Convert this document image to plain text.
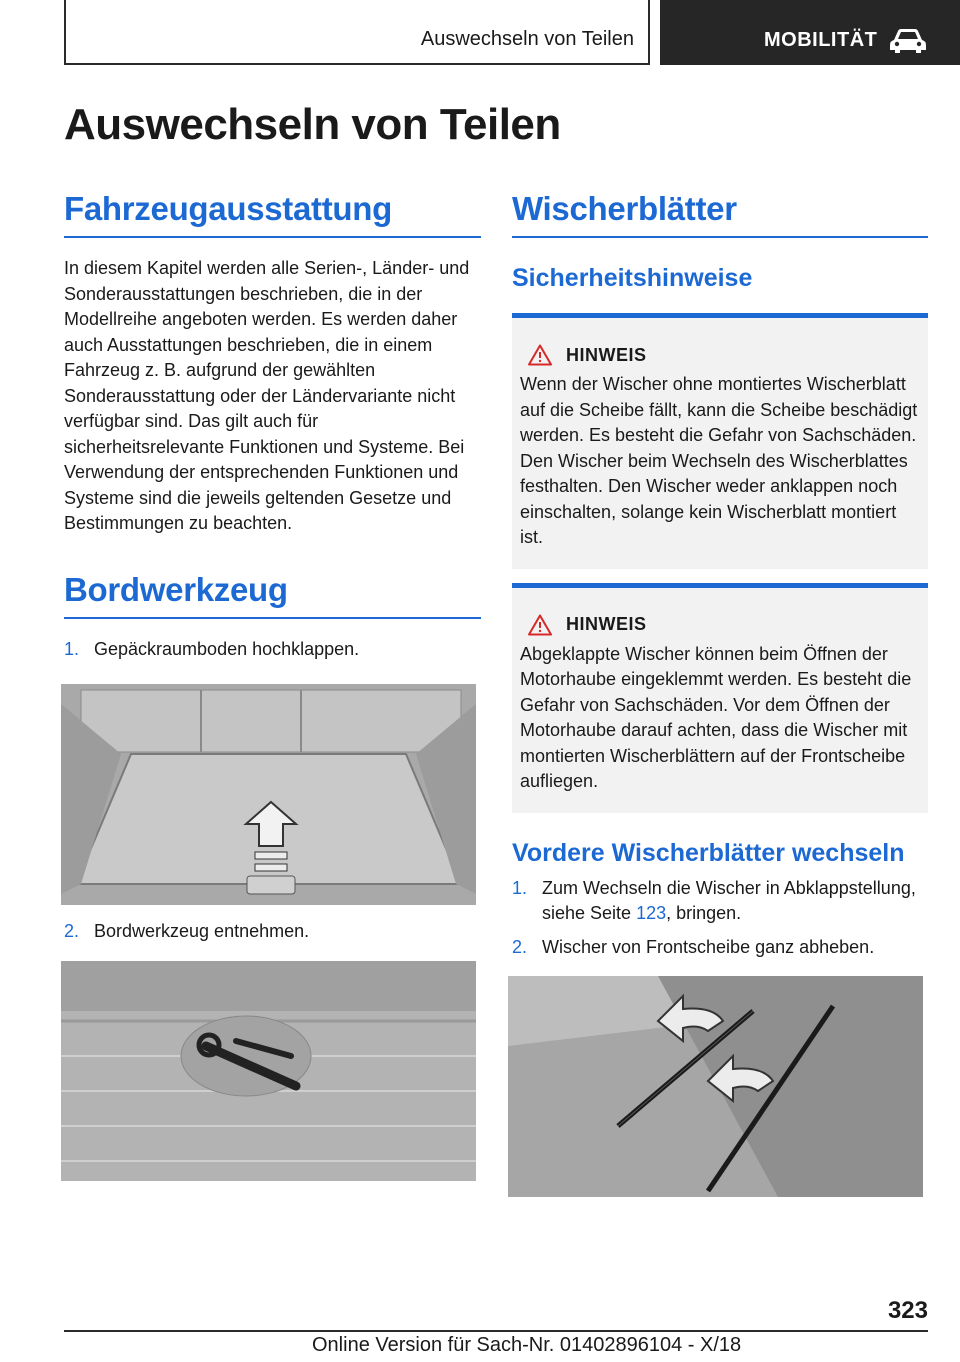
Auswechseln von Teilen	MOBILITÄT
Auswechseln von Teilen
Fahrzeugausstattung

In diesem Kapitel werden alle Serien-, Länder- und Sonderausstattungen beschrieben, die in der Modellreihe angeboten werden. Es werden daher auch Ausstattungen beschrieben, die in einem Fahrzeug z. B. aufgrund der gewählten Sonderausstattung oder der Ländervariante nicht verfügbar sind. Das gilt auch für sicherheitsrelevante Funktionen und Systeme. Bei Verwendung der entsprechenden Funktionen und Systeme sind die jeweils geltenden Gesetze und Bestimmungen zu beachten.

Bordwerkzeug
1. Gepäckraumboden hochklappen.
2. Bordwerkzeug entnehmen.
Wischerblätter
Sicherheitshinweise
HINWEIS

Wenn der Wischer ohne montiertes Wischerblatt auf die Scheibe fällt, kann die Scheibe beschädigt werden. Es besteht die Gefahr von Sachschäden. Den Wischer beim Wechseln des Wischerblattes festhalten. Den Wischer weder anklappen noch einschalten, solange kein Wischerblatt montiert ist.

HINWEIS

Abgeklappte Wischer können beim Öffnen der Motorhaube eingeklemmt werden. Es besteht die Gefahr von Sachschäden. Vor dem Öffnen der Motorhaube darauf achten, dass die Wischer mit montierten Wischerblättern auf der Frontscheibe aufliegen.

Vordere Wischerblätter wechseln
1. Zum Wechseln die Wischer in Abklappstellung, siehe Seite 123, bringen.
2. Wischer von Frontscheibe ganz abheben.
323
Online Version für Sach-Nr. 01402896104 - X/18
